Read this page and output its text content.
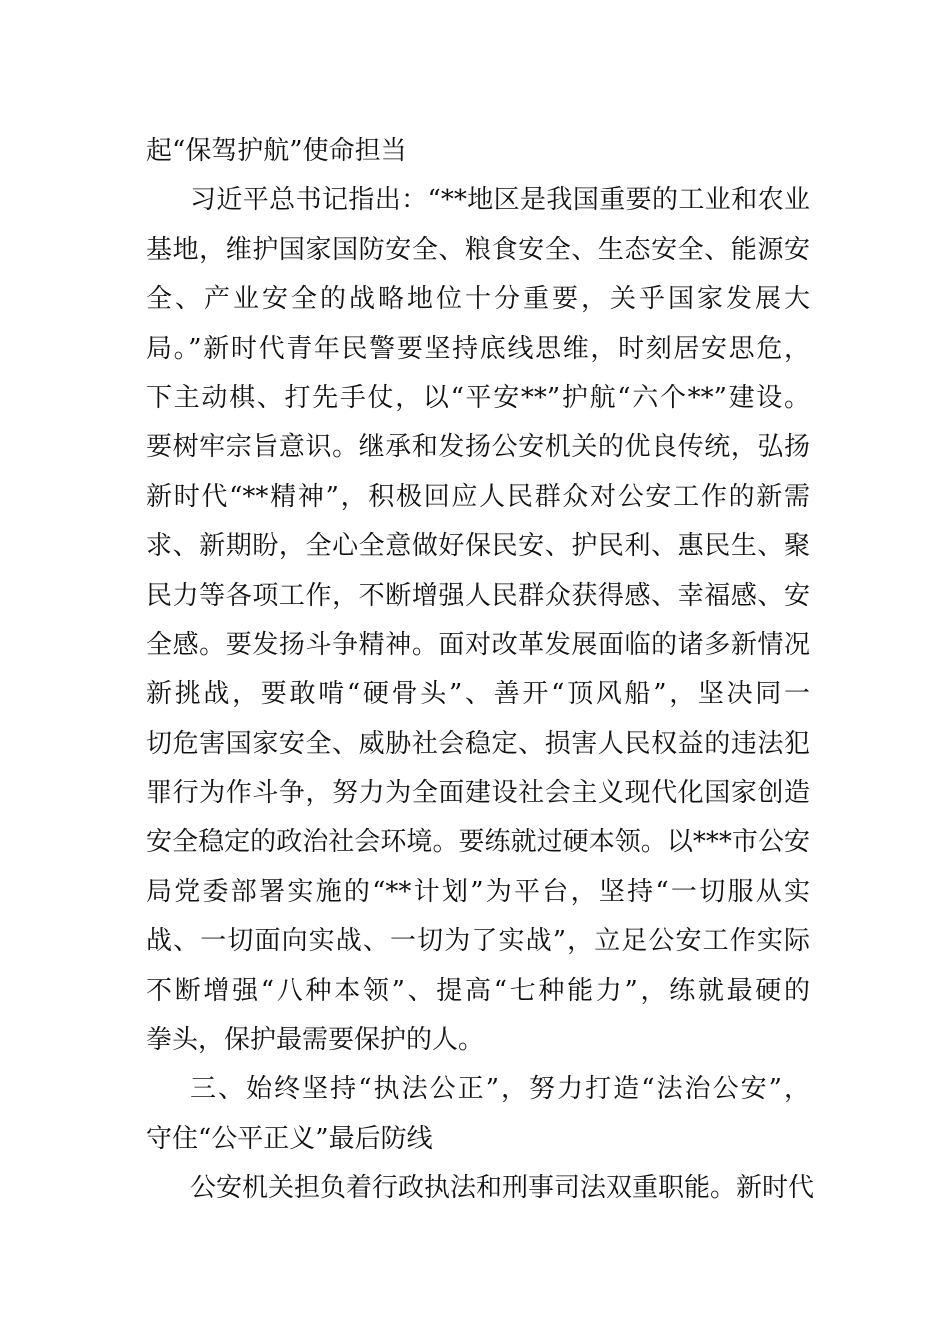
起“保驾护航”使命担当
习近平总书记指出：“**地区是我国重要的工业和农业
基地，维护国家国防安全、粮食安全、生态安全、能源安
全、产业安全的战略地位十分重要，关乎国家发展大
局。”新时代青年民警要坚持底线思维，时刻居安思危，
下主动棋、打先手仗，以“平安**”护航“六个**”建设。
要树牢宗旨意识。继承和发扬公安机关的优良传统，弘扬
新时代“**精神”，积极回应人民群众对公安工作的新需
求、新期盼，全心全意做好保民安、护民利、惠民生、聚
民力等各项工作，不断增强人民群众获得感、幸福感、安
全感。要发扬斗争精神。面对改革发展面临的诸多新情况
新挑战，要敢啃“硬骨头”、善开“顶风船”，坚决同一
切危害国家安全、威胁社会稳定、损害人民权益的违法犯
罪行为作斗争，努力为全面建设社会主义现代化国家创造
安全稳定的政治社会环境。要练就过硬本领。以***市公安
局党委部署实施的“**计划”为平台，坚持“一切服从实
战、一切面向实战、一切为了实战”，立足公安工作实际
不断增强“八种本领”、提高“七种能力”，练就最硬的
拳头，保护最需要保护的人。
三、始终坚持“执法公正”，努力打造“法治公安”，
守住“公平正义”最后防线
公安机关担负着行政执法和刑事司法双重职能。新时代
